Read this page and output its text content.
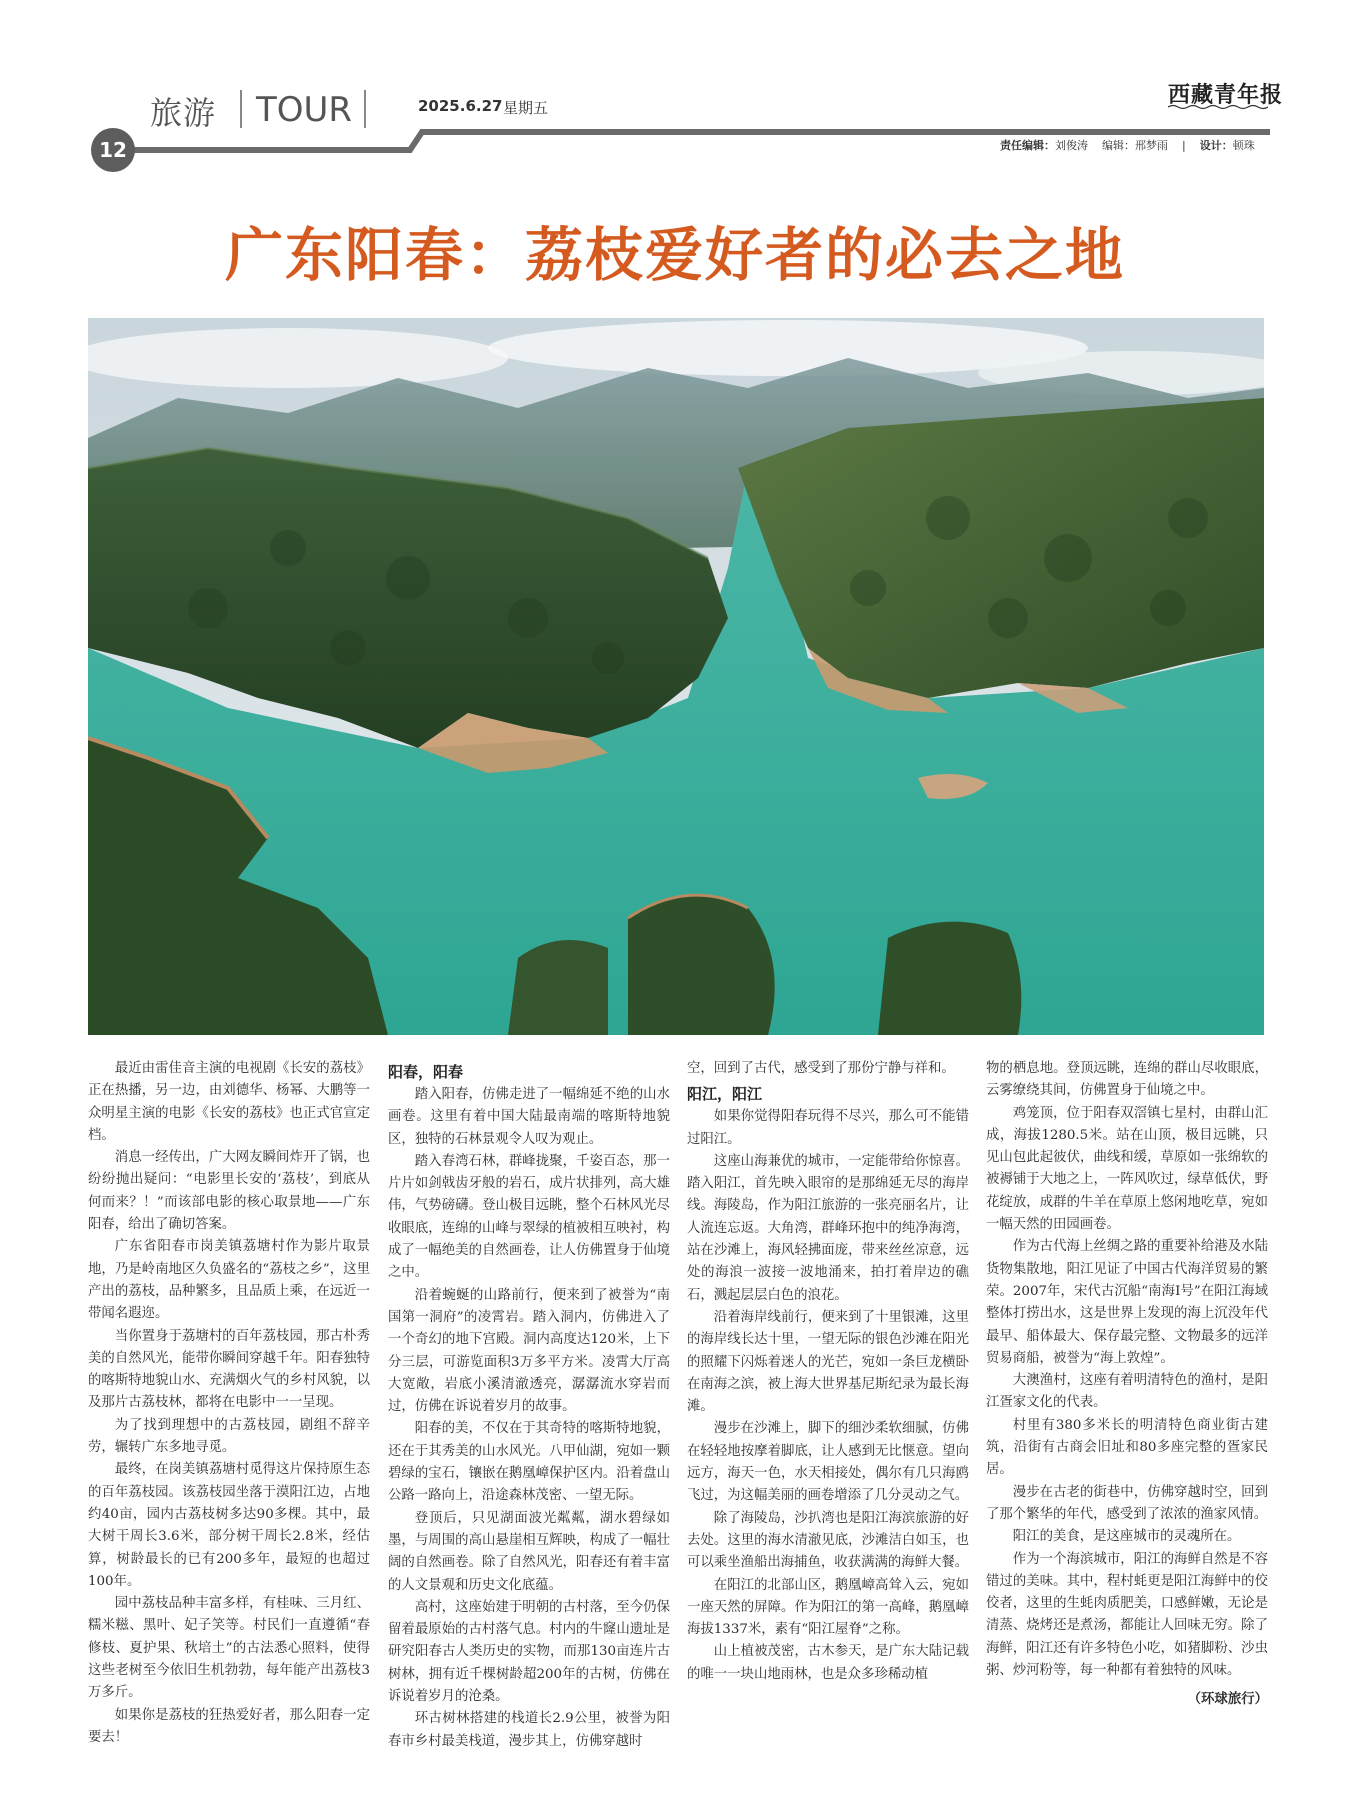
旅游 TOUR	2025.6.27 星期五	西藏青年报
12	责任编辑：刘俊涛 编辑：邢梦雨 | 设计：顿珠
广东阳春：荔枝爱好者的必去之地

最近由雷佳音主演的电视剧《长安的荔枝》正在热播，另一边，由刘德华、杨幂、大鹏等一众明星主演的电影《长安的荔枝》也正式官宣定档。

消息一经传出，广大网友瞬间炸开了锅，也纷纷抛出疑问：“电影里长安的‘荔枝’，到底从何而来？！”而该部电影的核心取景地——广东阳春，给出了确切答案。

广东省阳春市岗美镇荔塘村作为影片取景地，乃是岭南地区久负盛名的“荔枝之乡”，这里产出的荔枝，品种繁多，且品质上乘，在远近一带闻名遐迩。

当你置身于荔塘村的百年荔枝园，那古朴秀美的自然风光，能带你瞬间穿越千年。阳春独特的喀斯特地貌山水、充满烟火气的乡村风貌，以及那片古荔枝林，都将在电影中一一呈现。

为了找到理想中的古荔枝园，剧组不辞辛劳，辗转广东多地寻觅。

最终，在岗美镇荔塘村觅得这片保持原生态的百年荔枝园。该荔枝园坐落于漠阳江边，占地约40亩，园内古荔枝树多达90多棵。其中，最大树干周长3.6米，部分树干周长2.8米，经估算，树龄最长的已有200多年，最短的也超过100年。

园中荔枝品种丰富多样，有桂味、三月红、糯米糍、黑叶、妃子笑等。村民们一直遵循“春修枝、夏护果、秋培土”的古法悉心照料，使得这些老树至今依旧生机勃勃，每年能产出荔枝3万多斤。

如果你是荔枝的狂热爱好者，那么阳春一定要去！

阳春，阳春

踏入阳春，仿佛走进了一幅绵延不绝的山水画卷。这里有着中国大陆最南端的喀斯特地貌区，独特的石林景观令人叹为观止。

踏入春湾石林，群峰拢聚，千姿百态，那一片片如剑戟齿牙般的岩石，成片状排列，高大雄伟，气势磅礴。登山极目远眺，整个石林风光尽收眼底，连绵的山峰与翠绿的植被相互映衬，构成了一幅绝美的自然画卷，让人仿佛置身于仙境之中。

沿着蜿蜒的山路前行，便来到了被誉为“南国第一洞府”的凌霄岩。踏入洞内，仿佛进入了一个奇幻的地下宫殿。洞内高度达120米，上下分三层，可游览面积3万多平方米。凌霄大厅高大宽敞，岩底小溪清澈透亮，潺潺流水穿岩而过，仿佛在诉说着岁月的故事。

阳春的美，不仅在于其奇特的喀斯特地貌，还在于其秀美的山水风光。八甲仙湖，宛如一颗碧绿的宝石，镶嵌在鹅凰嶂保护区内。沿着盘山公路一路向上，沿途森林茂密、一望无际。

登顶后，只见湖面波光粼粼，湖水碧绿如墨，与周围的高山悬崖相互辉映，构成了一幅壮阔的自然画卷。除了自然风光，阳春还有着丰富的人文景观和历史文化底蕴。

高村，这座始建于明朝的古村落，至今仍保留着最原始的古村落气息。村内的牛窿山遗址是研究阳春古人类历史的实物，而那130亩连片古树林，拥有近千棵树龄超200年的古树，仿佛在诉说着岁月的沧桑。

环古树林搭建的栈道长2.9公里，被誉为阳春市乡村最美栈道，漫步其上，仿佛穿越时

空，回到了古代，感受到了那份宁静与祥和。

阳江，阳江

如果你觉得阳春玩得不尽兴，那么可不能错过阳江。

这座山海兼优的城市，一定能带给你惊喜。踏入阳江，首先映入眼帘的是那绵延无尽的海岸线。海陵岛，作为阳江旅游的一张亮丽名片，让人流连忘返。大角湾，群峰环抱中的纯净海湾，站在沙滩上，海风轻拂面庞，带来丝丝凉意，远处的海浪一波接一波地涌来，拍打着岸边的礁石，溅起层层白色的浪花。

沿着海岸线前行，便来到了十里银滩，这里的海岸线长达十里，一望无际的银色沙滩在阳光的照耀下闪烁着迷人的光芒，宛如一条巨龙横卧在南海之滨，被上海大世界基尼斯纪录为最长海滩。

漫步在沙滩上，脚下的细沙柔软细腻，仿佛在轻轻地按摩着脚底，让人感到无比惬意。望向远方，海天一色，水天相接处，偶尔有几只海鸥飞过，为这幅美丽的画卷增添了几分灵动之气。

除了海陵岛，沙扒湾也是阳江海滨旅游的好去处。这里的海水清澈见底，沙滩洁白如玉，也可以乘坐渔船出海捕鱼，收获满满的海鲜大餐。

在阳江的北部山区，鹅凰嶂高耸入云，宛如一座天然的屏障。作为阳江的第一高峰，鹅凰嶂海拔1337米，素有“阳江屋脊”之称。

山上植被茂密，古木参天，是广东大陆记载的唯一一块山地雨林，也是众多珍稀动植

物的栖息地。登顶远眺，连绵的群山尽收眼底，云雾缭绕其间，仿佛置身于仙境之中。

鸡笼顶，位于阳春双滘镇七星村，由群山汇成，海拔1280.5米。站在山顶，极目远眺，只见山包此起彼伏，曲线和缓，草原如一张绵软的被褥铺于大地之上，一阵风吹过，绿草低伏，野花绽放，成群的牛羊在草原上悠闲地吃草，宛如一幅天然的田园画卷。

作为古代海上丝绸之路的重要补给港及水陆货物集散地，阳江见证了中国古代海洋贸易的繁荣。2007年，宋代古沉船“南海I号”在阳江海域整体打捞出水，这是世界上发现的海上沉没年代最早、船体最大、保存最完整、文物最多的远洋贸易商船，被誉为“海上敦煌”。

大澳渔村，这座有着明清特色的渔村，是阳江疍家文化的代表。

村里有380多米长的明清特色商业街古建筑，沿街有古商会旧址和80多座完整的疍家民居。

漫步在古老的街巷中，仿佛穿越时空，回到了那个繁华的年代，感受到了浓浓的渔家风情。

阳江的美食，是这座城市的灵魂所在。

作为一个海滨城市，阳江的海鲜自然是不容错过的美味。其中，程村蚝更是阳江海鲜中的佼佼者，这里的生蚝肉质肥美，口感鲜嫩，无论是清蒸、烧烤还是煮汤，都能让人回味无穷。除了海鲜，阳江还有许多特色小吃，如猪脚粉、沙虫粥、炒河粉等，每一种都有着独特的风味。

（环球旅行）
